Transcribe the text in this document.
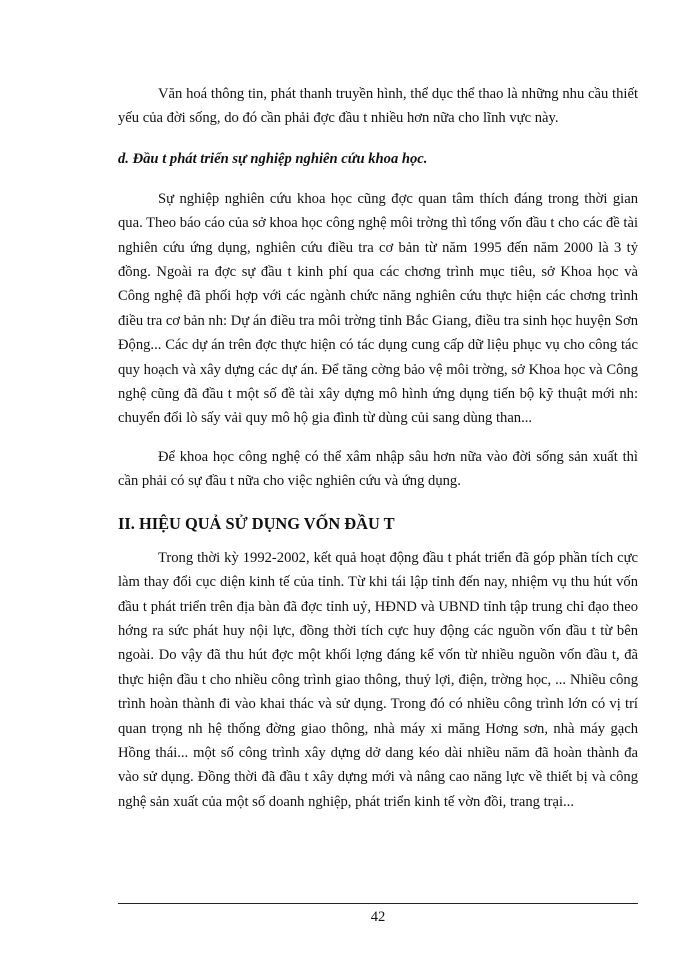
Văn hoá thông tin, phát thanh truyền hình, thể dục thể thao là những nhu cầu thiết yếu của đời sống, do đó cần phải đợc đầu t nhiều hơn nữa cho lĩnh vực này.

d. Đầu t phát triển sự nghiệp nghiên cứu khoa học.

Sự nghiệp nghiên cứu khoa học cũng đợc quan tâm thích đáng trong thời gian qua. Theo báo cáo của sở khoa học công nghệ môi trờng thì tổng vốn đầu t cho các đề tài nghiên cứu ứng dụng, nghiên cứu điều tra cơ bản từ năm 1995 đến năm 2000 là 3 tỷ đồng. Ngoài ra đợc sự đầu t kinh phí qua các chơng trình mục tiêu, sở Khoa học và Công nghệ đã phối hợp với các ngành chức năng nghiên cứu thực hiện các chơng trình điều tra cơ bản nh: Dự án điều tra môi trờng tỉnh Bắc Giang, điều tra sinh học huyện Sơn Động... Các dự án trên đợc thực hiện có tác dụng cung cấp dữ liệu phục vụ cho công tác quy hoạch và xây dựng các dự án. Để tăng cờng bảo vệ môi trờng, sở Khoa học và Công nghệ cũng đã đầu t một số đề tài xây dựng mô hình ứng dụng tiến bộ kỹ thuật mới nh: chuyển đổi lò sấy vải quy mô hộ gia đình từ dùng củi sang dùng than...

Để khoa học công nghệ có thể xâm nhập sâu hơn nữa vào đời sống sản xuất thì cần phải có sự đầu t nữa cho việc nghiên cứu và ứng dụng.

II. HIỆU QUẢ SỬ DỤNG VỐN ĐẦU T

Trong thời kỳ 1992-2002, kết quả hoạt động đầu t phát triển đã góp phần tích cực làm thay đổi cục diện kinh tế của tỉnh. Từ khi tái lập tỉnh đến nay, nhiệm vụ thu hút vốn đầu t phát triển trên địa bàn đã đợc tỉnh uỷ, HĐND và UBND tỉnh tập trung chỉ đạo theo hớng ra sức phát huy nội lực, đồng thời tích cực huy động các nguồn vốn đầu t từ bên ngoài. Do vậy đã thu hút đợc một khối lợng đáng kể vốn từ nhiều nguồn vốn đầu t, đã thực hiện đầu t cho nhiều công trình giao thông, thuỷ lợi, điện, trờng học, ... Nhiều công trình hoàn thành đi vào khai thác và sử dụng. Trong đó có nhiều công trình lớn có vị trí quan trọng nh hệ thống đờng giao thông, nhà máy xi măng Hơng sơn, nhà máy gạch Hồng thái... một số công trình xây dựng dở dang kéo dài nhiều năm đã hoàn thành đa vào sử dụng. Đồng thời đã đầu t xây dựng mới và nâng cao năng lực về thiết bị và công nghệ sản xuất của một số doanh nghiệp, phát triển kinh tế vờn đồi, trang trại...

42
